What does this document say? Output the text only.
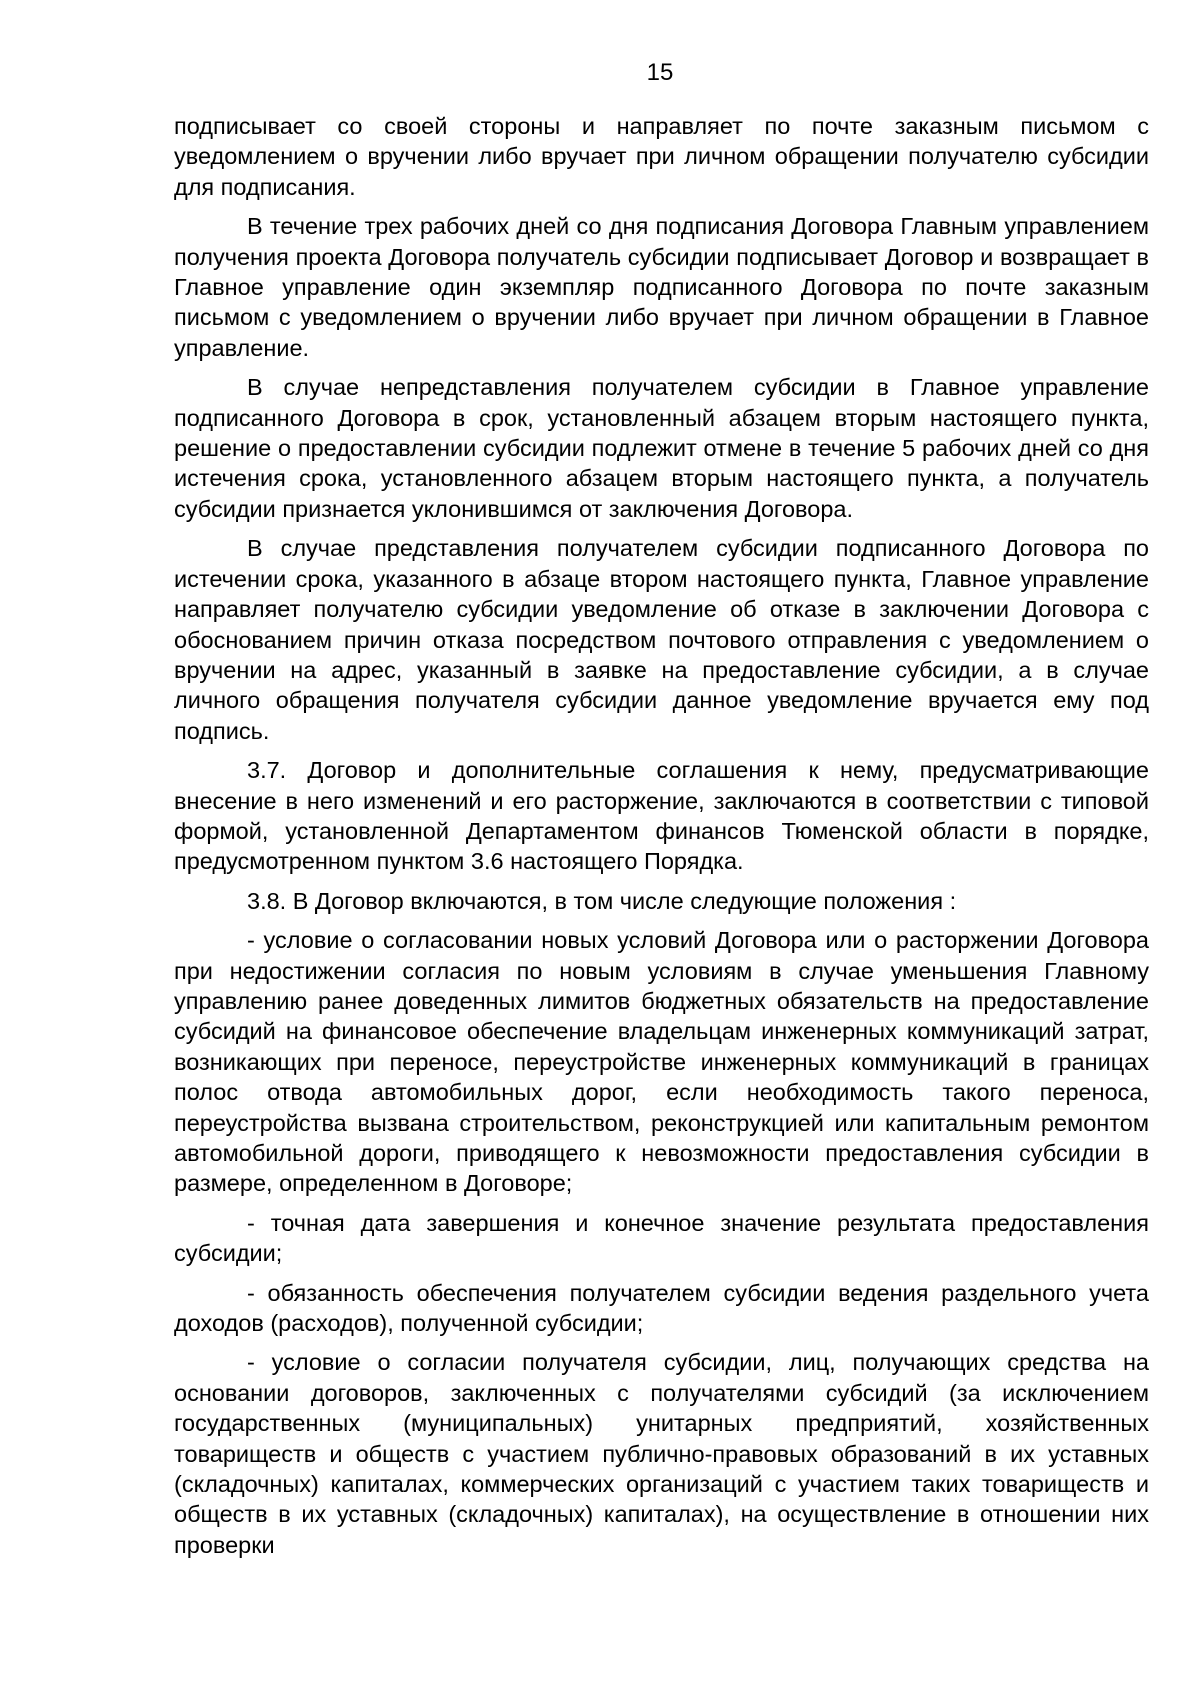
15

подписывает со своей стороны и направляет по почте заказным письмом с уведомлением о вручении либо вручает при личном обращении получателю субсидии для подписания.

В течение трех рабочих дней со дня подписания Договора Главным управлением получения проекта Договора получатель субсидии подписывает Договор и возвращает в Главное управление один экземпляр подписанного Договора по почте заказным письмом с уведомлением о вручении либо вручает при личном обращении в Главное управление.

В случае непредставления получателем субсидии в Главное управление подписанного Договора в срок, установленный абзацем вторым настоящего пункта, решение о предоставлении субсидии подлежит отмене в течение 5 рабочих дней со дня истечения срока, установленного абзацем вторым настоящего пункта, а получатель субсидии признается уклонившимся от заключения Договора.

В случае представления получателем субсидии подписанного Договора по истечении срока, указанного в абзаце втором настоящего пункта, Главное управление направляет получателю субсидии уведомление об отказе в заключении Договора с обоснованием причин отказа посредством почтового отправления с уведомлением о вручении на адрес, указанный в заявке на предоставление субсидии, а в случае личного обращения получателя субсидии данное уведомление вручается ему под подпись.

3.7. Договор и дополнительные соглашения к нему, предусматривающие внесение в него изменений и его расторжение, заключаются в соответствии с типовой формой, установленной Департаментом финансов Тюменской области в порядке, предусмотренном пунктом 3.6 настоящего Порядка.

3.8. В Договор включаются, в том числе следующие положения :

- условие о согласовании новых условий Договора или о расторжении Договора при недостижении согласия по новым условиям в случае уменьшения Главному управлению ранее доведенных лимитов бюджетных обязательств на предоставление субсидий на финансовое обеспечение владельцам инженерных коммуникаций затрат, возникающих при переносе, переустройстве инженерных коммуникаций в границах полос отвода автомобильных дорог, если необходимость такого переноса, переустройства вызвана строительством, реконструкцией или капитальным ремонтом автомобильной дороги, приводящего к невозможности предоставления субсидии в размере, определенном в Договоре;

- точная дата завершения и конечное значение результата предоставления субсидии;

- обязанность обеспечения получателем субсидии ведения раздельного учета доходов (расходов), полученной субсидии;

- условие о согласии получателя субсидии, лиц, получающих средства на основании договоров, заключенных с получателями субсидий (за исключением государственных (муниципальных) унитарных предприятий, хозяйственных товариществ и обществ с участием публично-правовых образований в их уставных (складочных) капиталах, коммерческих организаций с участием таких товариществ и обществ в их уставных (складочных) капиталах), на осуществление в отношении них проверки
